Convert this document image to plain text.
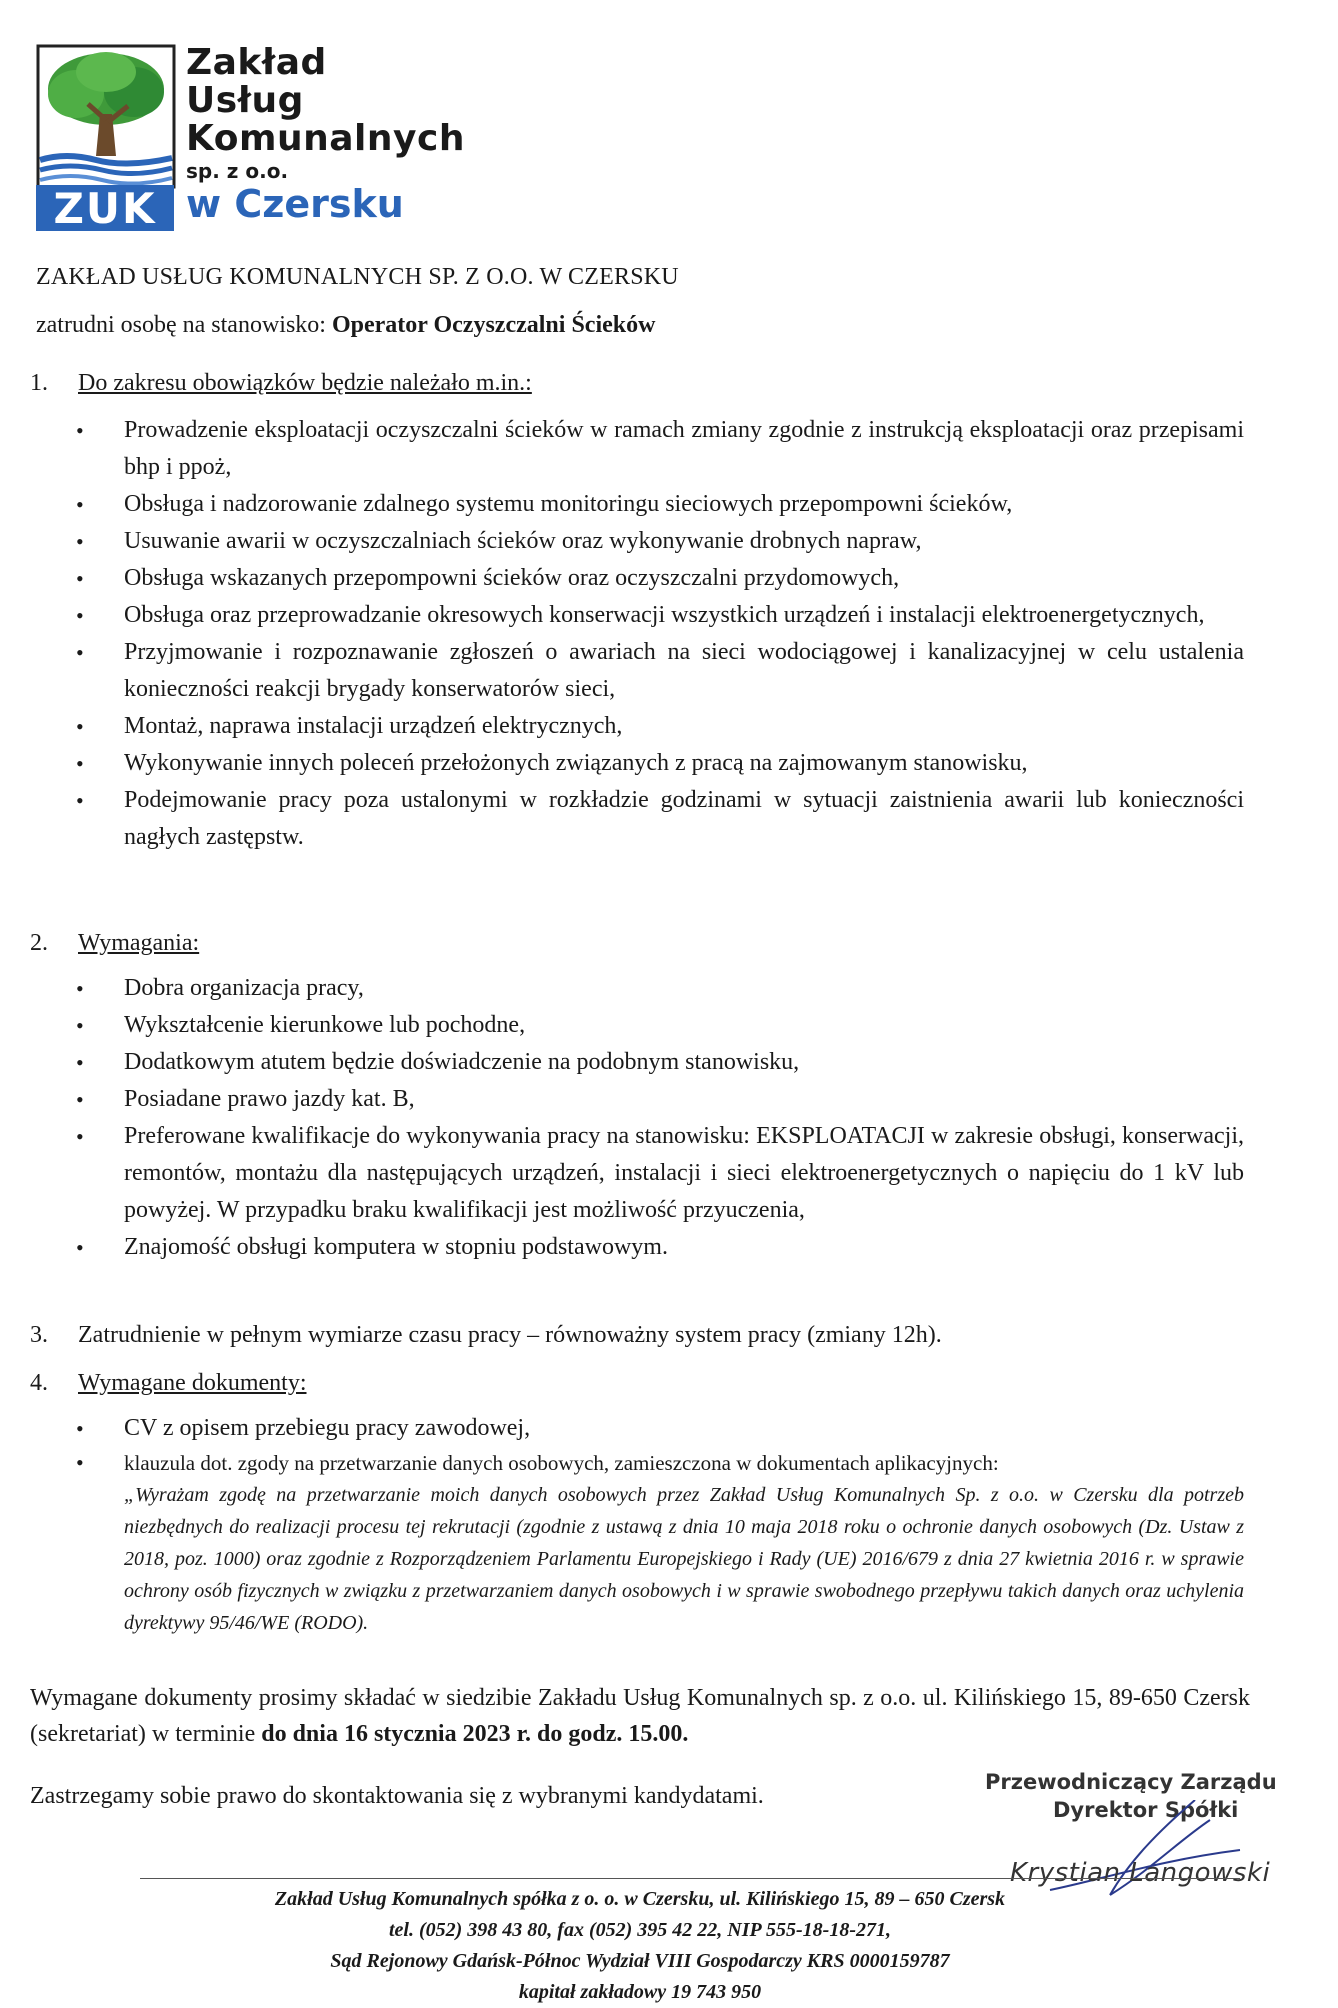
ZUK
Zakład
Usług
Komunalnych
sp. z o.o.
w Czersku
ZAKŁAD USŁUG KOMUNALNYCH SP. Z O.O. W CZERSKU
zatrudni osobę na stanowisko: Operator Oczyszczalni Ścieków
1. Do zakresu obowiązków będzie należało m.in.:
• Prowadzenie eksploatacji oczyszczalni ścieków w ramach zmiany zgodnie z instrukcją eksploatacji oraz przepisami bhp i ppoż,
• Obsługa i nadzorowanie zdalnego systemu monitoringu sieciowych przepompowni ścieków,
• Usuwanie awarii w oczyszczalniach ścieków oraz wykonywanie drobnych napraw,
• Obsługa wskazanych przepompowni ścieków oraz oczyszczalni przydomowych,
• Obsługa oraz przeprowadzanie okresowych konserwacji wszystkich urządzeń i instalacji elektroenergetycznych,
• Przyjmowanie i rozpoznawanie zgłoszeń o awariach na sieci wodociągowej i kanalizacyjnej w celu ustalenia konieczności reakcji brygady konserwatorów sieci,
• Montaż, naprawa instalacji urządzeń elektrycznych,
• Wykonywanie innych poleceń przełożonych związanych z pracą na zajmowanym stanowisku,
• Podejmowanie pracy poza ustalonymi w rozkładzie godzinami w sytuacji zaistnienia awarii lub konieczności nagłych zastępstw.
2. Wymagania:
• Dobra organizacja pracy,
• Wykształcenie kierunkowe lub pochodne,
• Dodatkowym atutem będzie doświadczenie na podobnym stanowisku,
• Posiadane prawo jazdy kat. B,
• Preferowane kwalifikacje do wykonywania pracy na stanowisku: EKSPLOATACJI w zakresie obsługi, konserwacji, remontów, montażu dla następujących urządzeń, instalacji i sieci elektroenergetycznych o napięciu do 1 kV lub powyżej. W przypadku braku kwalifikacji jest możliwość przyuczenia,
• Znajomość obsługi komputera w stopniu podstawowym.
3. Zatrudnienie w pełnym wymiarze czasu pracy – równoważny system pracy (zmiany 12h).
4. Wymagane dokumenty:
• CV z opisem przebiegu pracy zawodowej,
• klauzula dot. zgody na przetwarzanie danych osobowych, zamieszczona w dokumentach aplikacyjnych:
„Wyrażam zgodę na przetwarzanie moich danych osobowych przez Zakład Usług Komunalnych Sp. z o.o. w Czersku dla potrzeb niezbędnych do realizacji procesu tej rekrutacji (zgodnie z ustawą z dnia 10 maja 2018 roku o ochronie danych osobowych (Dz. Ustaw z 2018, poz. 1000) oraz zgodnie z Rozporządzeniem Parlamentu Europejskiego i Rady (UE) 2016/679 z dnia 27 kwietnia 2016 r. w sprawie ochrony osób fizycznych w związku z przetwarzaniem danych osobowych i w sprawie swobodnego przepływu takich danych oraz uchylenia dyrektywy 95/46/WE (RODO).
Wymagane dokumenty prosimy składać w siedzibie Zakładu Usług Komunalnych sp. z o.o. ul. Kilińskiego 15, 89-650 Czersk (sekretariat) w terminie do dnia 16 stycznia 2023 r. do godz. 15.00.
Zastrzegamy sobie prawo do skontaktowania się z wybranymi kandydatami.
Przewodniczący Zarządu
Dyrektor Spółki
Krystian Langowski
Zakład Usług Komunalnych spółka z o. o. w Czersku, ul. Kilińskiego 15, 89 – 650 Czersk
tel. (052) 398 43 80, fax (052) 395 42 22, NIP 555-18-18-271,
Sąd Rejonowy Gdańsk-Północ Wydział VIII Gospodarczy KRS 0000159787
kapitał zakładowy 19 743 950
